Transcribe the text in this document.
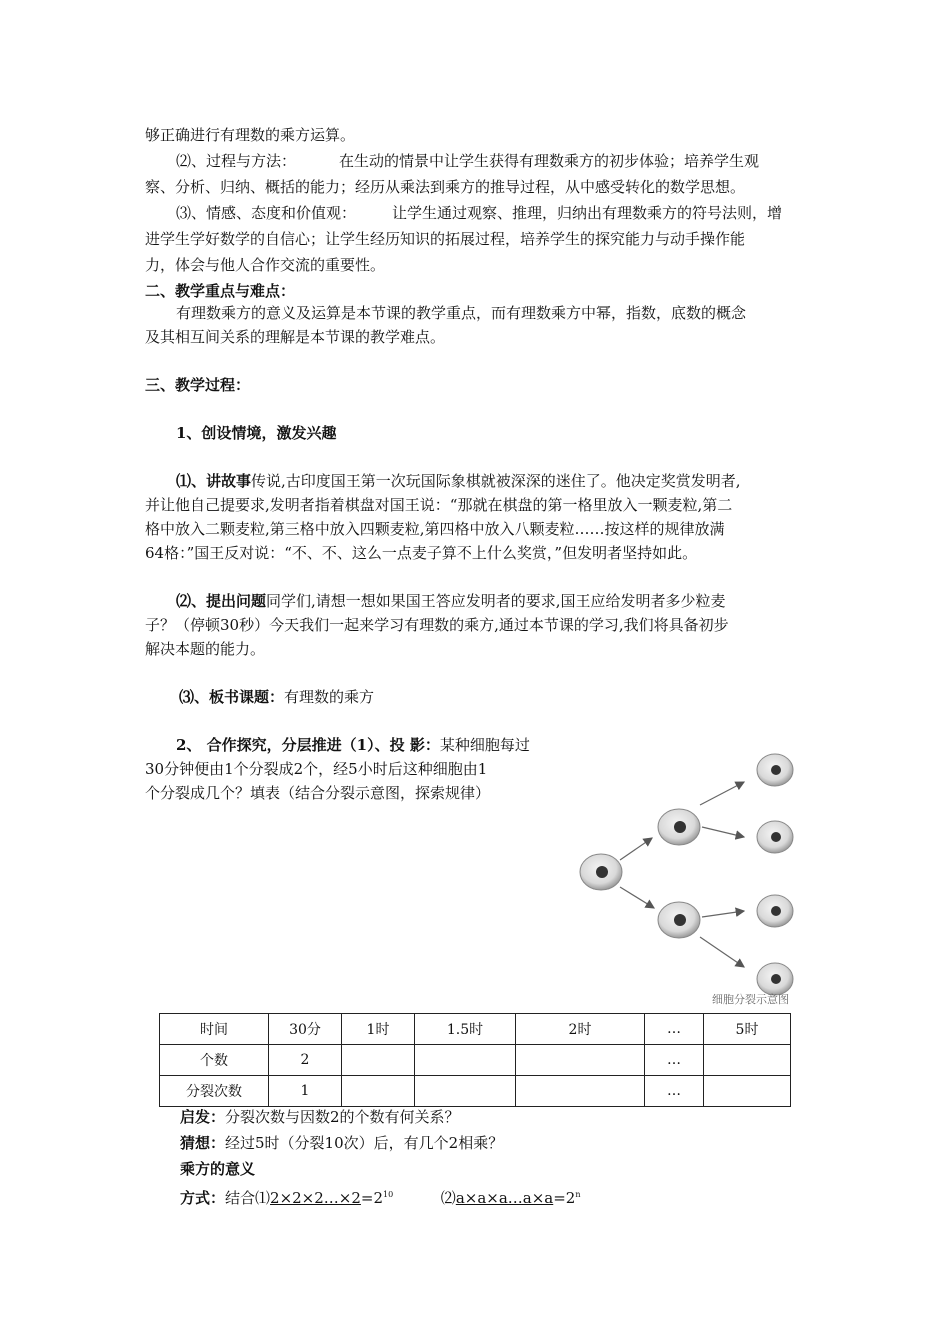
够正确进行有理数的乘方运算。
⑵、过程与方法：	在生动的情景中让学生获得有理数乘方的初步体验；培养学生观
察、分析、归纳、概括的能力；经历从乘法到乘方的推导过程，从中感受转化的数学思想。
⑶、情感、态度和价值观： 让学生通过观察、推理，归纳出有理数乘方的符号法则，增
进学生学好数学的自信心；让学生经历知识的拓展过程，培养学生的探究能力与动手操作能
力，体会与他人合作交流的重要性。
二、教学重点与难点：
有理数乘方的意义及运算是本节课的教学重点，而有理数乘方中幂，指数，底数的概念
及其相互间关系的理解是本节课的教学难点。
三、教学过程：
1、创设情境，激发兴趣
⑴、讲故事传说,古印度国王第一次玩国际象棋就被深深的迷住了。他决定奖赏发明者,
并让他自己提要求,发明者指着棋盘对国王说：“那就在棋盘的第一格里放入一颗麦粒,第二
格中放入二颗麦粒,第三格中放入四颗麦粒,第四格中放入八颗麦粒……按这样的规律放满
64格：”国王反对说：“不、不、这么一点麦子算不上什么奖赏，”但发明者坚持如此。
⑵、提出问题同学们,请想一想如果国王答应发明者的要求,国王应给发明者多少粒麦
子？（停顿30秒）今天我们一起来学习有理数的乘方,通过本节课的学习,我们将具备初步
解决本题的能力。
⑶、板书课题：有理数的乘方
2、 合作探究，分层推进（1）、投 影：某种细胞每过
30分钟便由1个分裂成2个，经5小时后这种细胞由1
个分裂成几个？填表（结合分裂示意图，探索规律）
细胞分裂示意图
时间	30分	1时	1.5时	2时	…	5时
个数	2				…	
分裂次数	1				…	
启发：分裂次数与因数2的个数有何关系？
猜想：经过5时（分裂10次）后，有几个2相乘？
乘方的意义
方式：结合$⑴2\times 2\times 2\dots\times 2=2^{10}$	$⑵a\times a\times a\dots a\times a=2^n$
